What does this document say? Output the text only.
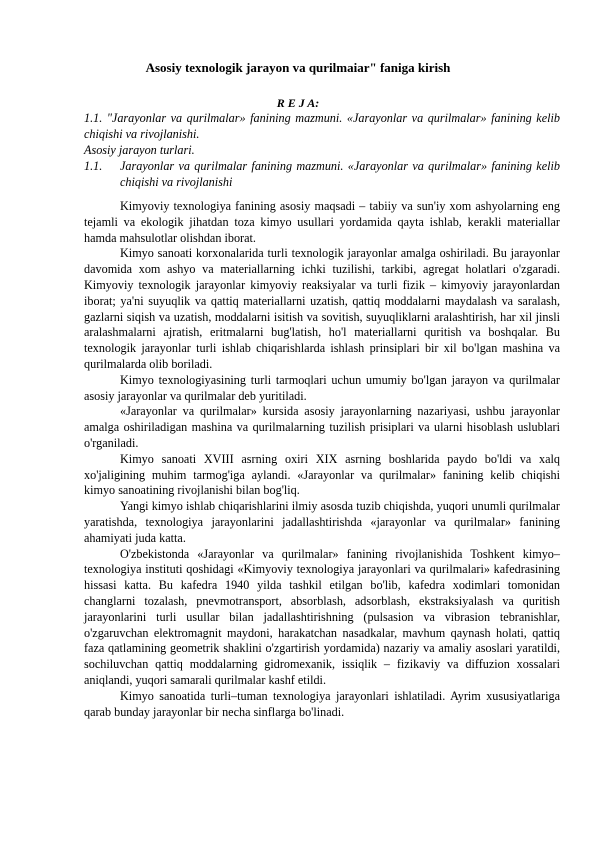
Asosiy texnologik jarayon va qurilmaiar" faniga kirish
R E J A:
1.1. "Jarayonlar va qurilmalar» fanining mazmuni. «Jarayonlar va qurilmalar» fanining kelib chiqishi va rivojlanishi.
Asosiy jarayon turlari.
1.1.	Jarayonlar va qurilmalar fanining mazmuni. «Jarayonlar va qurilmalar» fanining kelib chiqishi va rivojlanishi

Kimyoviy texnologiya fanining asosiy maqsadi – tabiiy va sun'iy xom ashyolarning eng tejamli va ekologik jihatdan toza kimyo usullari yordamida qayta ishlab, kerakli materiallar hamda mahsulotlar olishdan iborat.

Kimyo sanoati korxonalarida turli texnologik jarayonlar amalga oshiriladi. Bu jarayonlar davomida xom ashyo va materiallarning ichki tuzilishi, tarkibi, agregat holatlari o'zgaradi. Kimyoviy texnologik jarayonlar kimyoviy reaksiyalar va turli fizik – kimyoviy jarayonlardan iborat; ya'ni suyuqlik va qattiq materiallarni uzatish, qattiq moddalarni maydalash va saralash, gazlarni siqish va uzatish, moddalarni isitish va sovitish, suyuqliklarni aralashtirish, har xil jinsli aralashmalarni ajratish, eritmalarni bug'latish, ho'l materiallarni quritish va boshqalar. Bu texnologik jarayonlar turli ishlab chiqarishlarda ishlash prinsiplari bir xil bo'lgan mashina va qurilmalarda olib boriladi.

Kimyo texnologiyasining turli tarmoqlari uchun umumiy bo'lgan jarayon va qurilmalar asosiy jarayonlar va qurilmalar deb yuritiladi.

«Jarayonlar va qurilmalar» kursida asosiy jarayonlarning nazariyasi, ushbu jarayonlar amalga oshiriladigan mashina va qurilmalarning tuzilish prisiplari va ularni hisoblash uslublari o'rganiladi.

Kimyo sanoati XVIII asrning oxiri XIX asrning boshlarida paydo bo'ldi va xalq xo'jaligining muhim tarmog'iga aylandi. «Jarayonlar va qurilmalar» fanining kelib chiqishi kimyo sanoatining rivojlanishi bilan bog'liq.

Yangi kimyo ishlab chiqarishlarini ilmiy asosda tuzib chiqishda, yuqori unumli qurilmalar yaratishda, texnologiya jarayonlarini jadallashtirishda «jarayonlar va qurilmalar» fanining ahamiyati juda katta.

O'zbekistonda «Jarayonlar va qurilmalar» fanining rivojlanishida Toshkent kimyo–texnologiya instituti qoshidagi «Kimyoviy texnologiya jarayonlari va qurilmalari» kafedrasining hissasi katta. Bu kafedra 1940 yilda tashkil etilgan bo'lib, kafedra xodimlari tomonidan changlarni tozalash, pnevmotransport, absorblash, adsorblash, ekstraksiyalash va quritish jarayonlarini turli usullar bilan jadallashtirishning (pulsasion va vibrasion tebranishlar, o'zgaruvchan elektromagnit maydoni, harakatchan nasadkalar, mavhum qaynash holati, qattiq faza qatlamining geometrik shaklini o'zgartirish yordamida) nazariy va amaliy asoslari yaratildi, sochiluvchan qattiq moddalarning gidromexanik, issiqlik – fizikaviy va diffuzion xossalari aniqlandi, yuqori samarali qurilmalar kashf etildi.

Kimyo sanoatida turli–tuman texnologiya jarayonlari ishlatiladi. Ayrim xususiyatlariga qarab bunday jarayonlar bir necha sinflarga bo'linadi.
